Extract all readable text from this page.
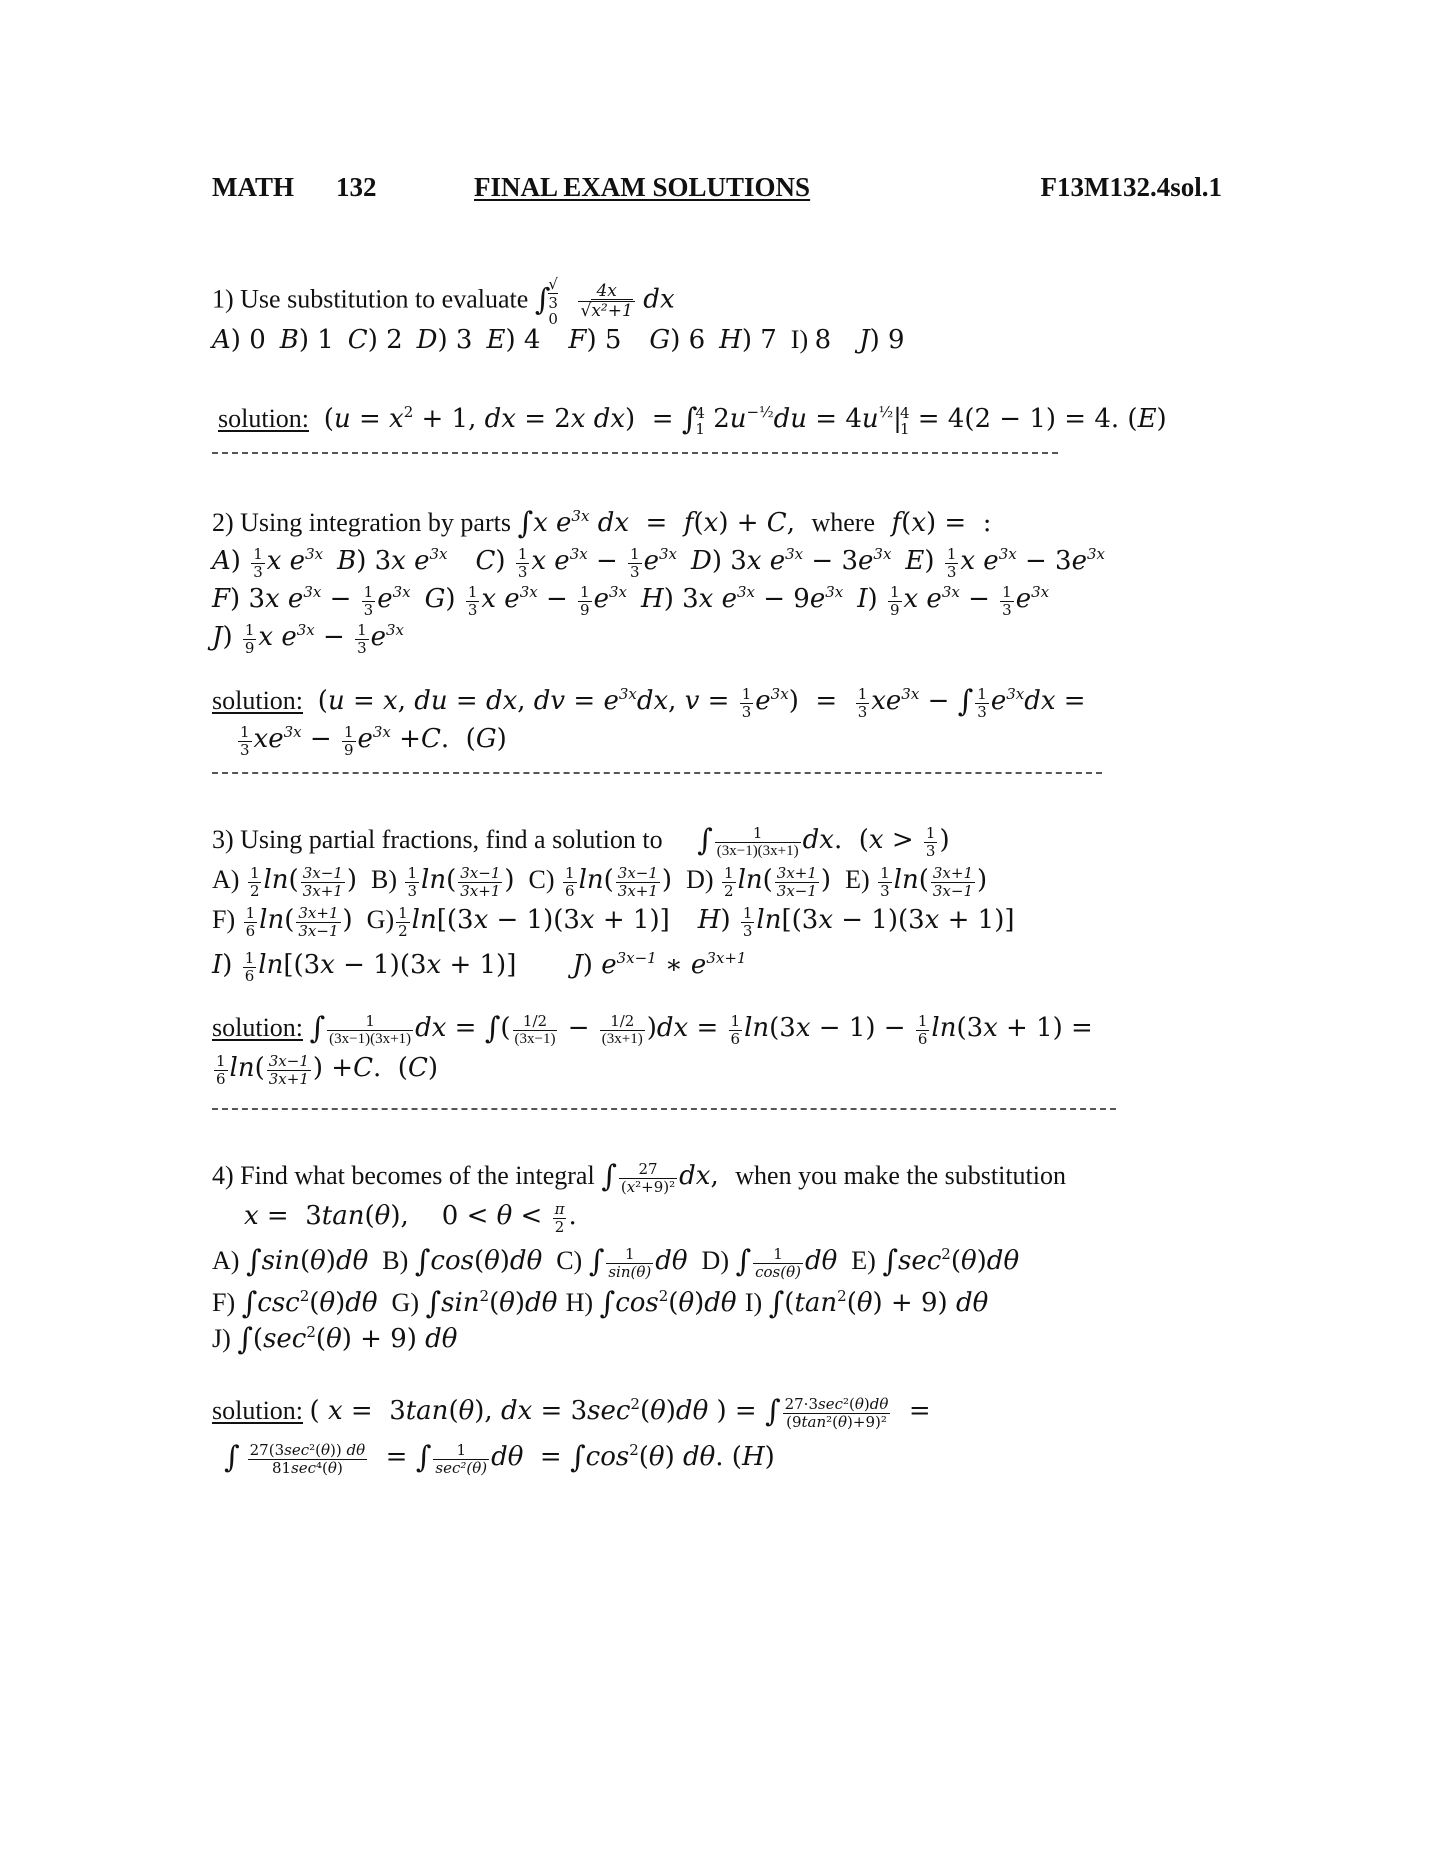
MATH 132	FINAL EXAM SOLUTIONS	F13M132.4sol.1
1) Use substitution to evaluate ∫
√
3
0
$\frac{4x}{\text{√x²+1}}$ dx
A) 0 B) 1 C) 2 D) 3 E) 4 F) 5 G) 6 H) 7 I) 8 J) 9
solution:  ($u = x^2 + 1$, dx = 2x dx)  = ∫
4
1 $2u^{-\frac{1}{2}}du = 4u^{\frac{1}{2}}|$
4
1 = 4(2 − 1) = 4. (E)
2) Using integration by parts ∫x $e^{3x}$ dx  =  f(x) + C,  where f(x) =  :
$A) \frac{1}{3}$ x $e^{3x}$ B) 3x $e^{3x}$ $C) \frac{1}{3}$ x $e^{3x} - \frac{1}{3} e^{3x}$ D) 3x $e^{3x} - 3e^{3x}$ $E) \frac{1}{3}$ x $e^{3x} - 3e^{3x}$
F) 3x $e^{3x} - \frac{1}{3} e^{3x}$ $G) \frac{1}{3}$ x $e^{3x} - \frac{1}{9} e^{3x}$ H) 3x $e^{3x} - 9e^{3x}$ $I) \frac{1}{9}$ x $e^{3x} - \frac{1}{3} e^{3x}$
$J) \frac{1}{9}$ x $e^{3x} - \frac{1}{3} e^{3x}$
solution:  (u = x, du = dx, dv = $e^{3x}dx$, $v = \frac{1}{3} e^{3x}) = \frac{1}{3} xe^{3x}$ − ∫ $\frac{1}{3} e^{3x}dx$ =
$\frac{1}{3} xe^{3x} - \frac{1}{9} e^{3x} +C$.  (G)
3) Using partial fractions, find a solution to ∫ $\frac{1}{(3x-1)(3x+1)}$ dx.  ($x > \frac{1}{3}$ )
$A) \frac{1}{2} \ln( \frac{3x-1}{3x+1}$ ) $B) \frac{1}{3} \ln( \frac{3x-1}{3x+1}$ ) $C) \frac{1}{6} \ln( \frac{3x-1}{3x+1}$ ) $D) \frac{1}{2} \ln( \frac{3x+1}{3x-1}$ ) $E) \frac{1}{3} \ln( \frac{3x+1}{3x-1}$ )
$F) \frac{1}{6} \ln( \frac{3x+1}{3x-1}$ ) $G) \frac{1}{2} \ln[(3x - 1)(3x + 1)]$ $H) \frac{1}{3} \ln[(3x - 1)(3x + 1)]$
$I) \frac{1}{6} \ln[(3x - 1)(3x + 1)]$ J) $e^{3x-1}$ ∗ $e^{3x+1}$
solution: ∫ $\frac{1}{(3x-1)(3x+1)}$ dx = ∫( $\frac{1/2}{(3x-1)} - \frac{1/2}{(3x+1)} )dx = \frac{1}{6} \ln(3x - 1) - \frac{1}{6} \ln(3x + 1)$ =
$\frac{1}{6} \ln( \frac{3x-1}{3x+1}$ ) +C.  (C)
4) Find what becomes of the integral ∫ $\frac{27}{\text{(x²+9)²}}$ dx,  when you make the substitution
x =  3tan(θ),    $0 < \theta < \frac{\pi}{2}$ .
A) ∫sin(θ)dθ B) ∫cos(θ)dθ C) ∫ $\frac{1}{\sin(\theta)}$ dθ D) ∫ $\frac{1}{\cos(\theta)}$ dθ E) $\int\sec^2(\theta)d\theta$
F) $\int\csc^2(\theta)d\theta$ G) $\int\sin^2(\theta)d\theta$ H) $\int\cos^2(\theta)d\theta$ I) $\int(\tan^2(\theta) + 9)$ dθ
J) $\int(\sec^2(\theta) + 9)$ dθ
solution: ( x =  3tan(θ), dx = $3\sec^2(\theta)d\theta$ ) = ∫ $\frac{\text{27·3sec²(θ)dθ}}{\text{(9tan²(θ)+9)²}}$ =
∫ $\frac{\text{27(3sec²(θ)) dθ}}{\text{81sec⁴(θ)}}$ = ∫ $\frac{1}{\text{sec²(θ)}}$ $d\theta = \int\cos^2(\theta)$ dθ. (H)
